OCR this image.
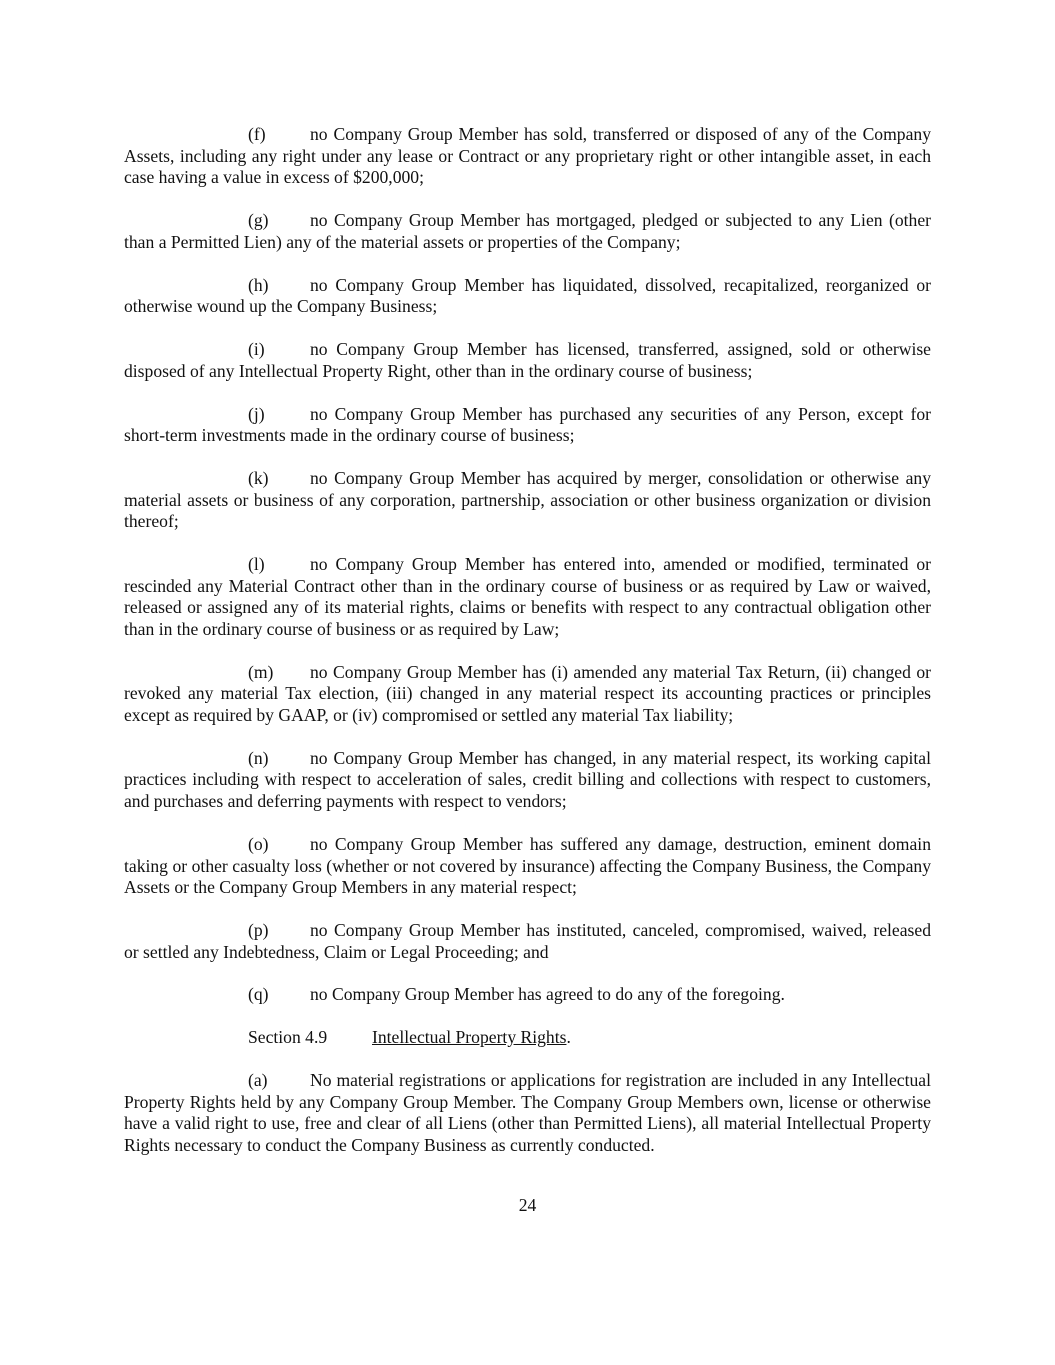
(f)	no Company Group Member has sold, transferred or disposed of any of the Company Assets, including any right under any lease or Contract or any proprietary right or other intangible asset, in each case having a value in excess of $200,000;

(g) no Company Group Member has mortgaged, pledged or subjected to any Lien (other than a Permitted Lien) any of the material assets or properties of the Company;

(h) no Company Group Member has liquidated, dissolved, recapitalized, reorganized or otherwise wound up the Company Business;

(i)	no Company Group Member has licensed, transferred, assigned, sold or otherwise disposed of any Intellectual Property Right, other than in the ordinary course of business;

(j)	no Company Group Member has purchased any securities of any Person, except for short-term investments made in the ordinary course of business;

(k) no Company Group Member has acquired by merger, consolidation or otherwise any material assets or business of any corporation, partnership, association or other business organization or division thereof;

(l)	no Company Group Member has entered into, amended or modified, terminated or rescinded any Material Contract other than in the ordinary course of business or as required by Law or waived, released or assigned any of its material rights, claims or benefits with respect to any contractual obligation other than in the ordinary course of business or as required by Law;

(m) no Company Group Member has (i) amended any material Tax Return, (ii) changed or revoked any material Tax election, (iii) changed in any material respect its accounting practices or principles except as required by GAAP, or (iv) compromised or settled any material Tax liability;

(n) no Company Group Member has changed, in any material respect, its working capital practices including with respect to acceleration of sales, credit billing and collections with respect to customers, and purchases and deferring payments with respect to vendors;

(o) no Company Group Member has suffered any damage, destruction, eminent domain taking or other casualty loss (whether or not covered by insurance) affecting the Company Business, the Company Assets or the Company Group Members in any material respect;

(p) no Company Group Member has instituted, canceled, compromised, waived, released or settled any Indebtedness, Claim or Legal Proceeding; and

(q) no Company Group Member has agreed to do any of the foregoing.

Section 4.9	Intellectual Property Rights.

(a) No material registrations or applications for registration are included in any Intellectual Property Rights held by any Company Group Member. The Company Group Members own, license or otherwise have a valid right to use, free and clear of all Liens (other than Permitted Liens), all material Intellectual Property Rights necessary to conduct the Company Business as currently conducted.

24
